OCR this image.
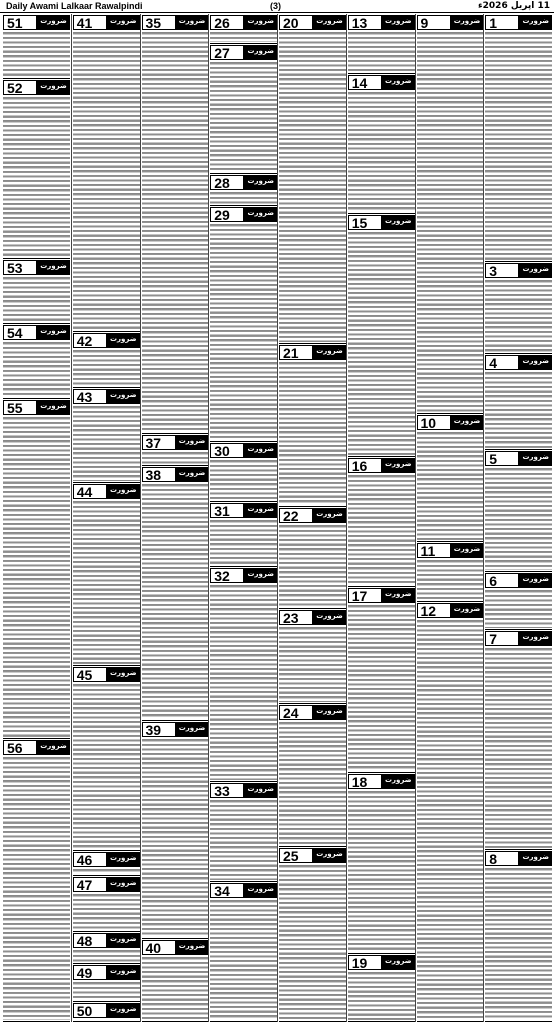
Daily Awami Lalkaar Rawalpindi	(3)	11 اپریل 2026ء
51	ضرورت
52	ضرورت
53	ضرورت
54	ضرورت
55	ضرورت
56	ضرورت
41	ضرورت
42	ضرورت
43	ضرورت
44	ضرورت
45	ضرورت
46	ضرورت
47	ضرورت
48	ضرورت
49	ضرورت
50	ضرورت
35	ضرورت
37	ضرورت
38	ضرورت
39	ضرورت
40	ضرورت
26	ضرورت
27	ضرورت
28	ضرورت
29	ضرورت
30	ضرورت
31	ضرورت
32	ضرورت
33	ضرورت
34	ضرورت
20	ضرورت
21	ضرورت
22	ضرورت
23	ضرورت
24	ضرورت
25	ضرورت
13	ضرورت
14	ضرورت
15	ضرورت
16	ضرورت
17	ضرورت
18	ضرورت
19	ضرورت
9	ضرورت
10	ضرورت
11	ضرورت
12	ضرورت
1	ضرورت
3	ضرورت
4	ضرورت
5	ضرورت
6	ضرورت
7	ضرورت
8	ضرورت
